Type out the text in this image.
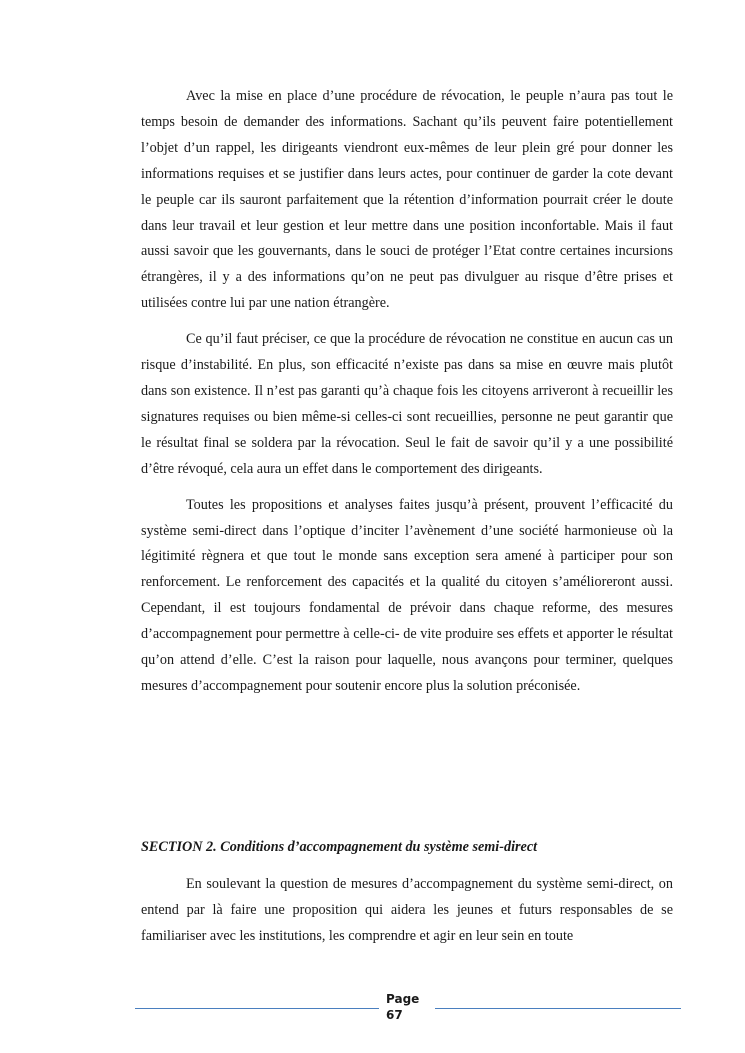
Avec la mise en place d’une procédure de révocation, le peuple n’aura pas tout le temps besoin de demander des informations. Sachant qu’ils peuvent faire potentiellement l’objet d’un rappel, les dirigeants viendront eux-mêmes de leur plein gré pour donner les informations requises et se justifier dans leurs actes, pour continuer de garder la cote devant le peuple car ils sauront parfaitement que la rétention d’information pourrait créer le doute dans leur travail et leur gestion et leur mettre dans une position inconfortable. Mais il faut aussi savoir que les gouvernants, dans le souci de protéger l’Etat contre certaines incursions étrangères, il y a des informations qu’on ne peut pas divulguer au risque d’être prises et utilisées contre lui par une nation étrangère.

Ce qu’il faut préciser, ce que la procédure de révocation ne constitue en aucun cas un risque d’instabilité. En plus, son efficacité n’existe pas dans sa mise en œuvre mais plutôt dans son existence. Il n’est pas garanti qu’à chaque fois les citoyens arriveront à recueillir les signatures requises ou bien même-si celles-ci sont recueillies, personne ne peut garantir que le résultat final se soldera par la révocation. Seul le fait de savoir qu’il y a une possibilité d’être révoqué, cela aura un effet dans le comportement des dirigeants.

Toutes les propositions et analyses faites jusqu’à présent, prouvent l’efficacité du système semi-direct dans l’optique d’inciter l’avènement d’une société harmonieuse où la légitimité règnera et que tout le monde sans exception sera amené à participer pour son renforcement. Le renforcement des capacités et la qualité du citoyen s’amélioreront aussi. Cependant, il est toujours fondamental de prévoir dans chaque reforme, des mesures d’accompagnement pour permettre à celle-ci- de vite produire ses effets et apporter le résultat qu’on attend d’elle. C’est la raison pour laquelle, nous avançons pour terminer, quelques mesures d’accompagnement pour soutenir encore plus la solution préconisée.

SECTION 2. Conditions d’accompagnement du système semi-direct

En soulevant la question de mesures d’accompagnement du système semi-direct, on entend par là faire une proposition qui aidera les jeunes et futurs responsables de se familiariser avec les institutions, les comprendre et agir en leur sein en toute

Page
67
